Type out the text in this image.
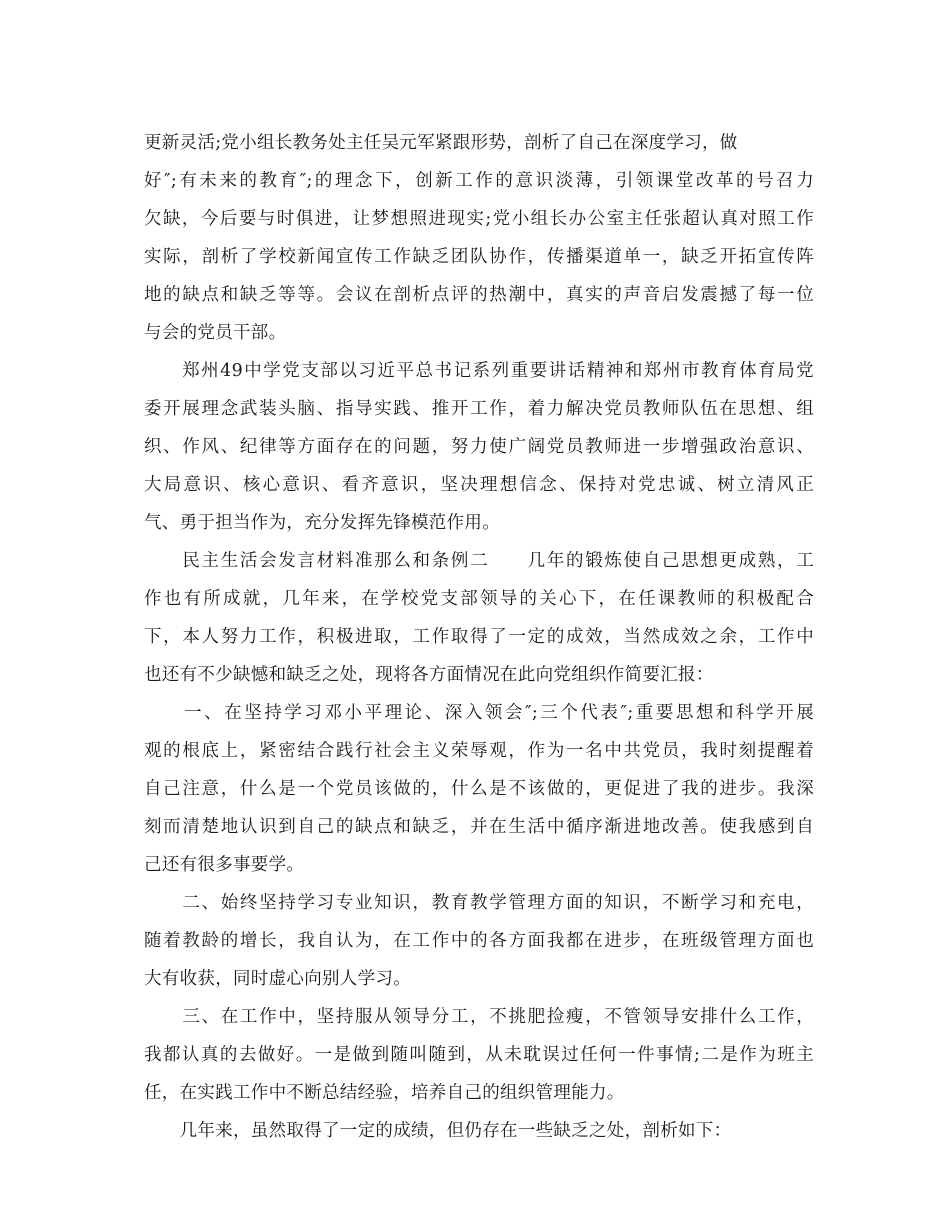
更新灵活;党小组长教务处主任吴元军紧跟形势，剖析了自己在深度学习，做
好″;有未来的教育″;的理念下，创新工作的意识淡薄，引领课堂改革的号召力
欠缺，今后要与时俱进，让梦想照进现实;党小组长办公室主任张超认真对照工作
实际，剖析了学校新闻宣传工作缺乏团队协作，传播渠道单一，缺乏开拓宣传阵
地的缺点和缺乏等等。会议在剖析点评的热潮中，真实的声音启发震撼了每一位
与会的党员干部。
　　郑州49中学党支部以习近平总书记系列重要讲话精神和郑州市教育体育局党
委开展理念武装头脑、指导实践、推开工作，着力解决党员教师队伍在思想、组
织、作风、纪律等方面存在的问题，努力使广阔党员教师进一步增强政治意识、
大局意识、核心意识、看齐意识，坚决理想信念、保持对党忠诚、树立清风正
气、勇于担当作为，充分发挥先锋模范作用。
　　民主生活会发言材料准那么和条例二　　几年的锻炼使自己思想更成熟，工
作也有所成就，几年来，在学校党支部领导的关心下，在任课教师的积极配合
下，本人努力工作，积极进取，工作取得了一定的成效，当然成效之余，工作中
也还有不少缺憾和缺乏之处，现将各方面情况在此向党组织作简要汇报：
　　一、在坚持学习邓小平理论、深入领会″;三个代表″;重要思想和科学开展
观的根底上，紧密结合践行社会主义荣辱观，作为一名中共党员，我时刻提醒着
自己注意，什么是一个党员该做的，什么是不该做的，更促进了我的进步。我深
刻而清楚地认识到自己的缺点和缺乏，并在生活中循序渐进地改善。使我感到自
己还有很多事要学。
　　二、始终坚持学习专业知识，教育教学管理方面的知识，不断学习和充电，
随着教龄的增长，我自认为，在工作中的各方面我都在进步，在班级管理方面也
大有收获，同时虚心向别人学习。
　　三、在工作中，坚持服从领导分工，不挑肥捡瘦，不管领导安排什么工作，
我都认真的去做好。一是做到随叫随到，从未耽误过任何一件事情;二是作为班主
任，在实践工作中不断总结经验，培养自己的组织管理能力。
　　几年来，虽然取得了一定的成绩，但仍存在一些缺乏之处，剖析如下：
